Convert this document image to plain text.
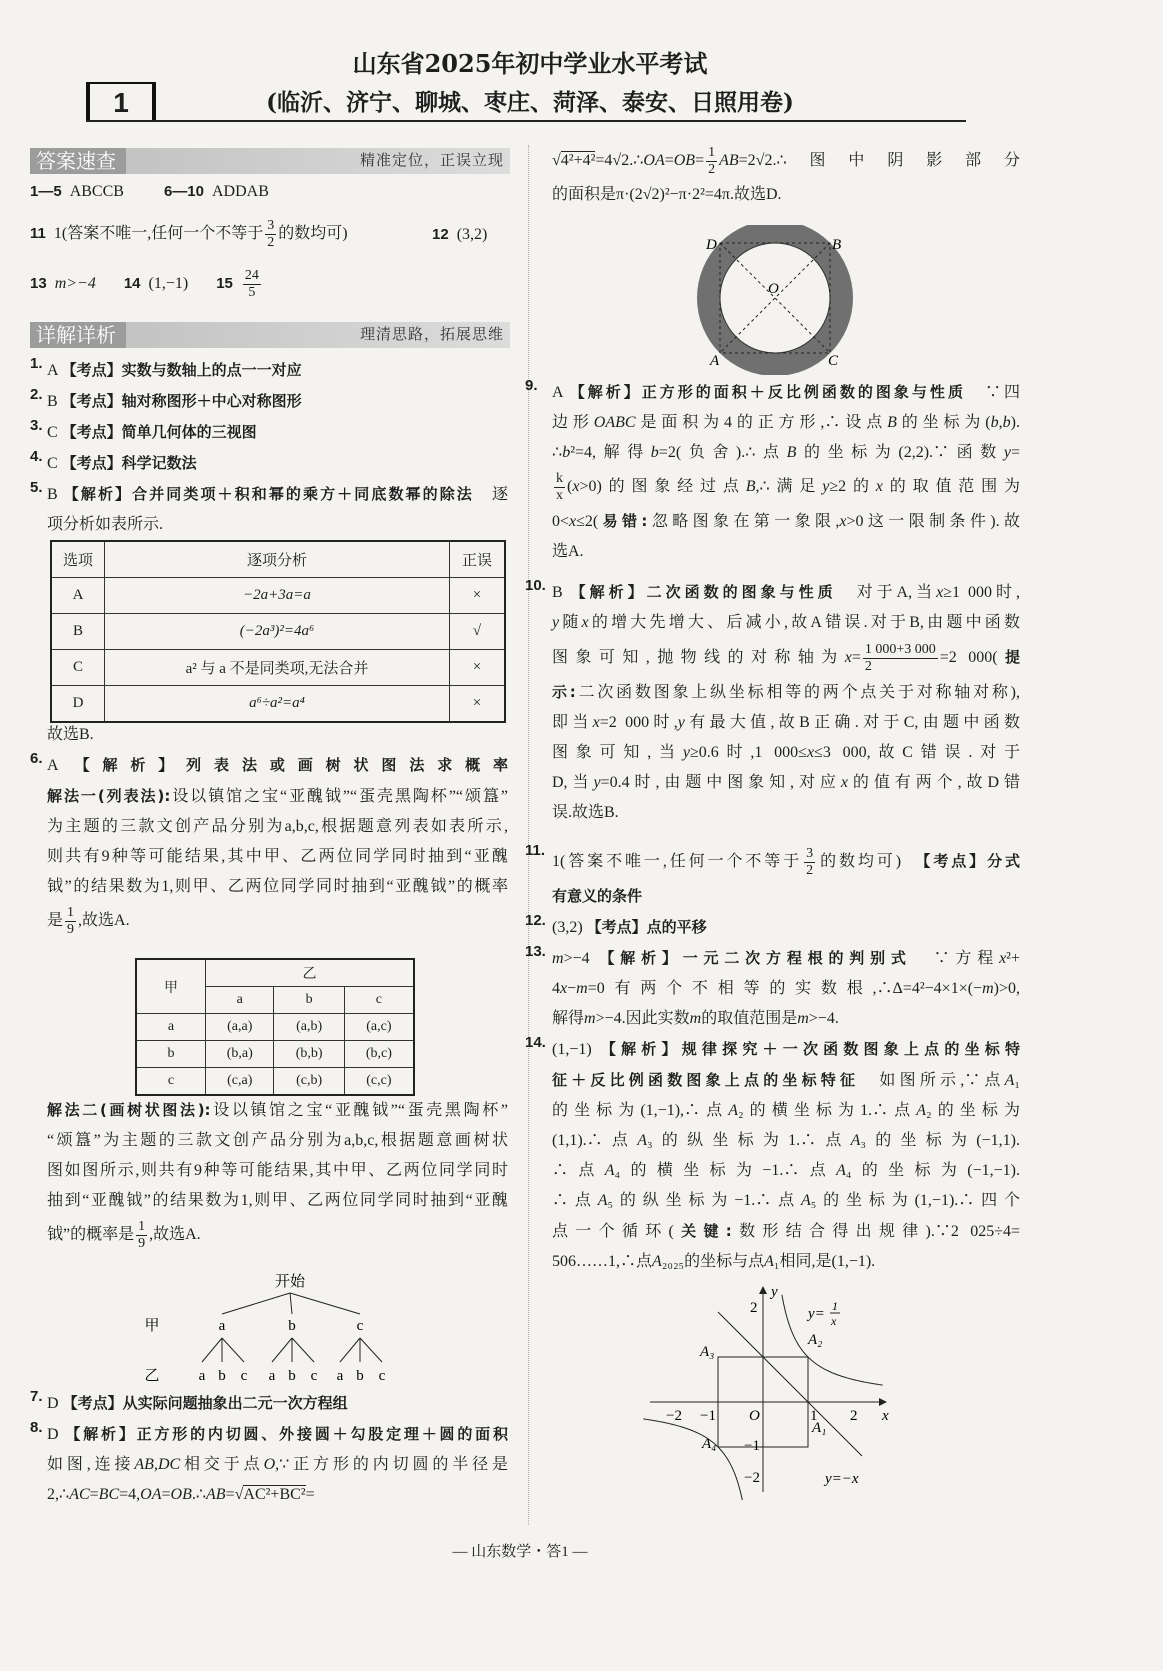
山东省2025年初中学业水平考试
(临沂、济宁、聊城、枣庄、菏泽、泰安、日照用卷)
1
答案速查	精准定位，正误立现
1—5 ABCCB	6—10 ADDAB
11 1(答案不唯一,任何一个不等于 $\frac{3}{2}$ 的数均可)	12 (3,2)
13 m>−4 14 (1,−1) $15 \frac{24}{5}$
详解详析	理清思路，拓展思维
1. A 【考点】实数与数轴上的点一一对应
2. B 【考点】轴对称图形＋中心对称图形
3. C 【考点】简单几何体的三视图
4. C 【考点】科学记数法
5. B 【解析】合并同类项＋积和幂的乘方＋同底数幂的除法　逐
项分析如表所示.
选项	逐项分析	正误
A	−2a+3a=a	×
B	(−2a³)²=4a⁶	√
C	a² 与 a 不是同类项,无法合并	×
D	a⁶÷a²=a⁴	×
故选B.
6. A 【解析】列表法或画树状图法求概率
解法一(列表法):设以镇馆之宝“亚醜钺”“蛋壳黑陶杯”“颂簋”
为主题的三款文创产品分别为a,b,c,根据题意列表如表所示,
则共有9种等可能结果,其中甲、乙两位同学同时抽到“亚醜
钺”的结果数为1,则甲、乙两位同学同时抽到“亚醜钺”的概率
是 $\frac{1}{9}$ ,故选A.
甲	乙		
	a	b	c
a	(a,a)	(a,b)	(a,c)
b	(b,a)	(b,b)	(b,c)
c	(c,a)	(c,b)	(c,c)
解法二(画树状图法):设以镇馆之宝“亚醜钺”“蛋壳黑陶杯”
“颂簋”为主题的三款文创产品分别为a,b,c,根据题意画树状
图如图所示,则共有9种等可能结果,其中甲、乙两位同学同时
抽到“亚醜钺”的结果数为1,则甲、乙两位同学同时抽到“亚醜
钺”的概率是 $\frac{1}{9}$ ,故选A.
开始
甲	a	b	c
乙	a b c a b c a b c
7. D 【考点】从实际问题抽象出二元一次方程组
8. D 【解析】正方形的内切圆、外接圆＋勾股定理＋圆的面积
如图,连接AB,DC相交于点O,∵正方形的内切圆的半径是
2,∴AC=BC=4,OA=OB.∴AB=√AC²+BC²=
√4²+4²=4√2.∴OA=OB= $\frac{1}{2}$ AB=2√2.∴图中阴影部分
的面积是π·(2√2)²−π·2²=4π.故选D.
D	B
O
A	C
9. A 【解析】正方形的面积＋反比例函数的图象与性质　∵四
边形OABC是面积为4的正方形,∴设点B的坐标为(b,b).
∴b²=4,解得b=2(负舍).∴点B的坐标为(2,2).∵函数y=
$\frac{k}{x} (x>0)$的图象经过点B,∴满足y≥2的x的取值范围为
0<x≤2(易错:忽略图象在第一象限,x>0这一限制条件).故
选A.
10. B 【解析】二次函数的图象与性质　对于A,当x≥1 000时,
y随x的增大先增大、后减小,故A错误.对于B,由题中函数
图象可知,抛物线的对称轴为$x= \frac{1 000+3 000}{2} =2$ 000(提
示:二次函数图象上纵坐标相等的两个点关于对称轴对称),
即当x=2 000时,y有最大值,故B正确.对于C,由题中函数
图象可知,当y≥0.6时,1 000≤x≤3 000,故C错误.对于
D,当y=0.4时,由题中图象知,对应x的值有两个,故D错
误.故选B.
11.
1(答案不唯一,任何一个不等于 $\frac{3}{2}$ 的数均可)　【考点】分式
有意义的条件
12. (3,2) 【考点】点的平移
13. m>−4 【解析】一元二次方程根的判别式　∵方程x²+
4x−m=0有两个不相等的实数根,∴Δ=4²−4×1×(−m)>0,
解得m>−4.因此实数m的取值范围是m>−4.
14. (1,−1) 【解析】规律探究＋一次函数图象上点的坐标特
征＋反比例函数图象上点的坐标特征　如图所示,∵点A₁
的坐标为(1,−1),∴点A₂的横坐标为1.∴点A₂的坐标为
(1,1).∴点A₃的纵坐标为1.∴点A₃的坐标为(−1,1).
∴点A₄的横坐标为−1.∴点A₄的坐标为(−1,−1).
∴点A₅的纵坐标为−1.∴点A₅的坐标为(1,−1).∴四个
点一个循环(关键:数形结合得出规律).∵2 025÷4=
506……1,∴点A₂₀₂₅的坐标与点A₁相同,是(1,−1).
y
x
O
−2 −1	1 2
2
−1
−2
A₁
A₂
A₃
A₄
y= 1
x
y=−x
— 山东数学・答1 —
